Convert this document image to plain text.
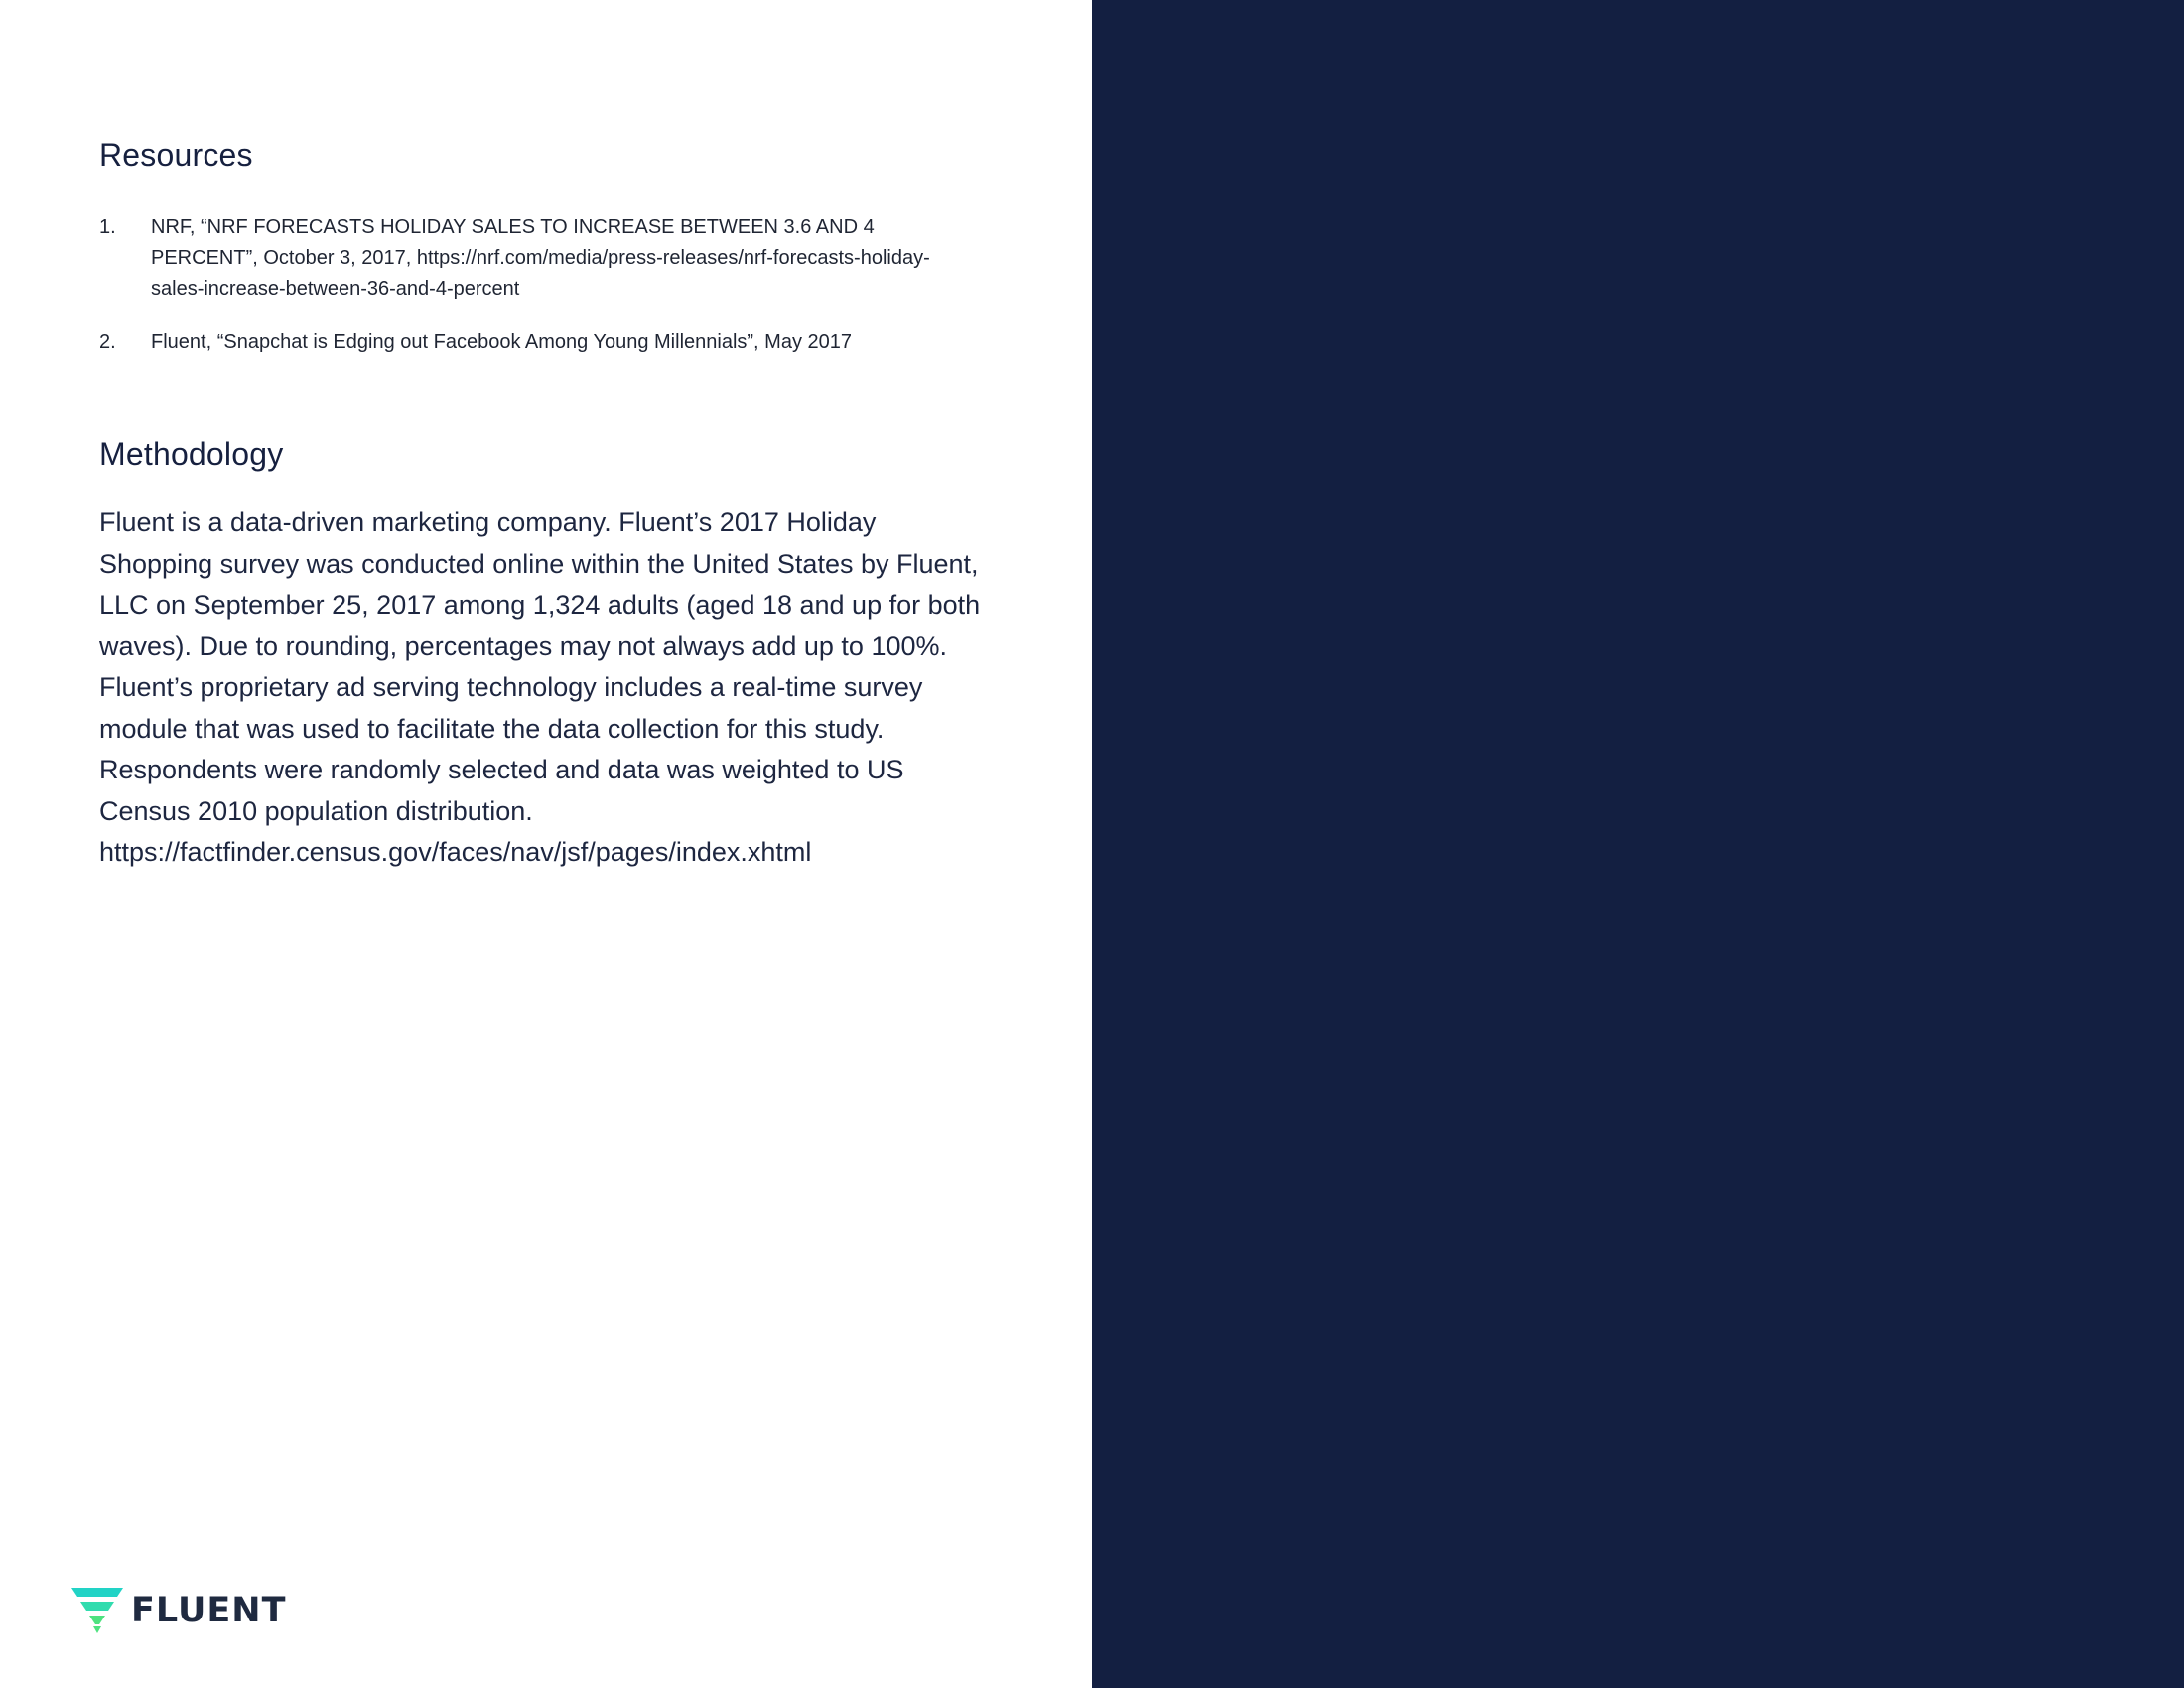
Resources
1.	NRF, “NRF FORECASTS HOLIDAY SALES TO INCREASE BETWEEN 3.6 AND 4 PERCENT”, October 3, 2017, https://nrf.com/media/press-releases/nrf-forecasts-holiday-sales-increase-between-36-and-4-percent
2.	Fluent, “Snapchat is Edging out Facebook Among Young Millennials”, May 2017
Methodology

Fluent is a data-driven marketing company. Fluent’s 2017 Holiday Shopping survey was conducted online within the United States by Fluent, LLC on September 25, 2017 among 1,324 adults (aged 18 and up for both waves). Due to rounding, percentages may not always add up to 100%. Fluent’s proprietary ad serving technology includes a real-time survey module that was used to facilitate the data collection for this study. Respondents were randomly selected and data was weighted to US Census 2010 population distribution. https://factfinder.census.gov/faces/nav/jsf/pages/index.xhtml

FLUENT
